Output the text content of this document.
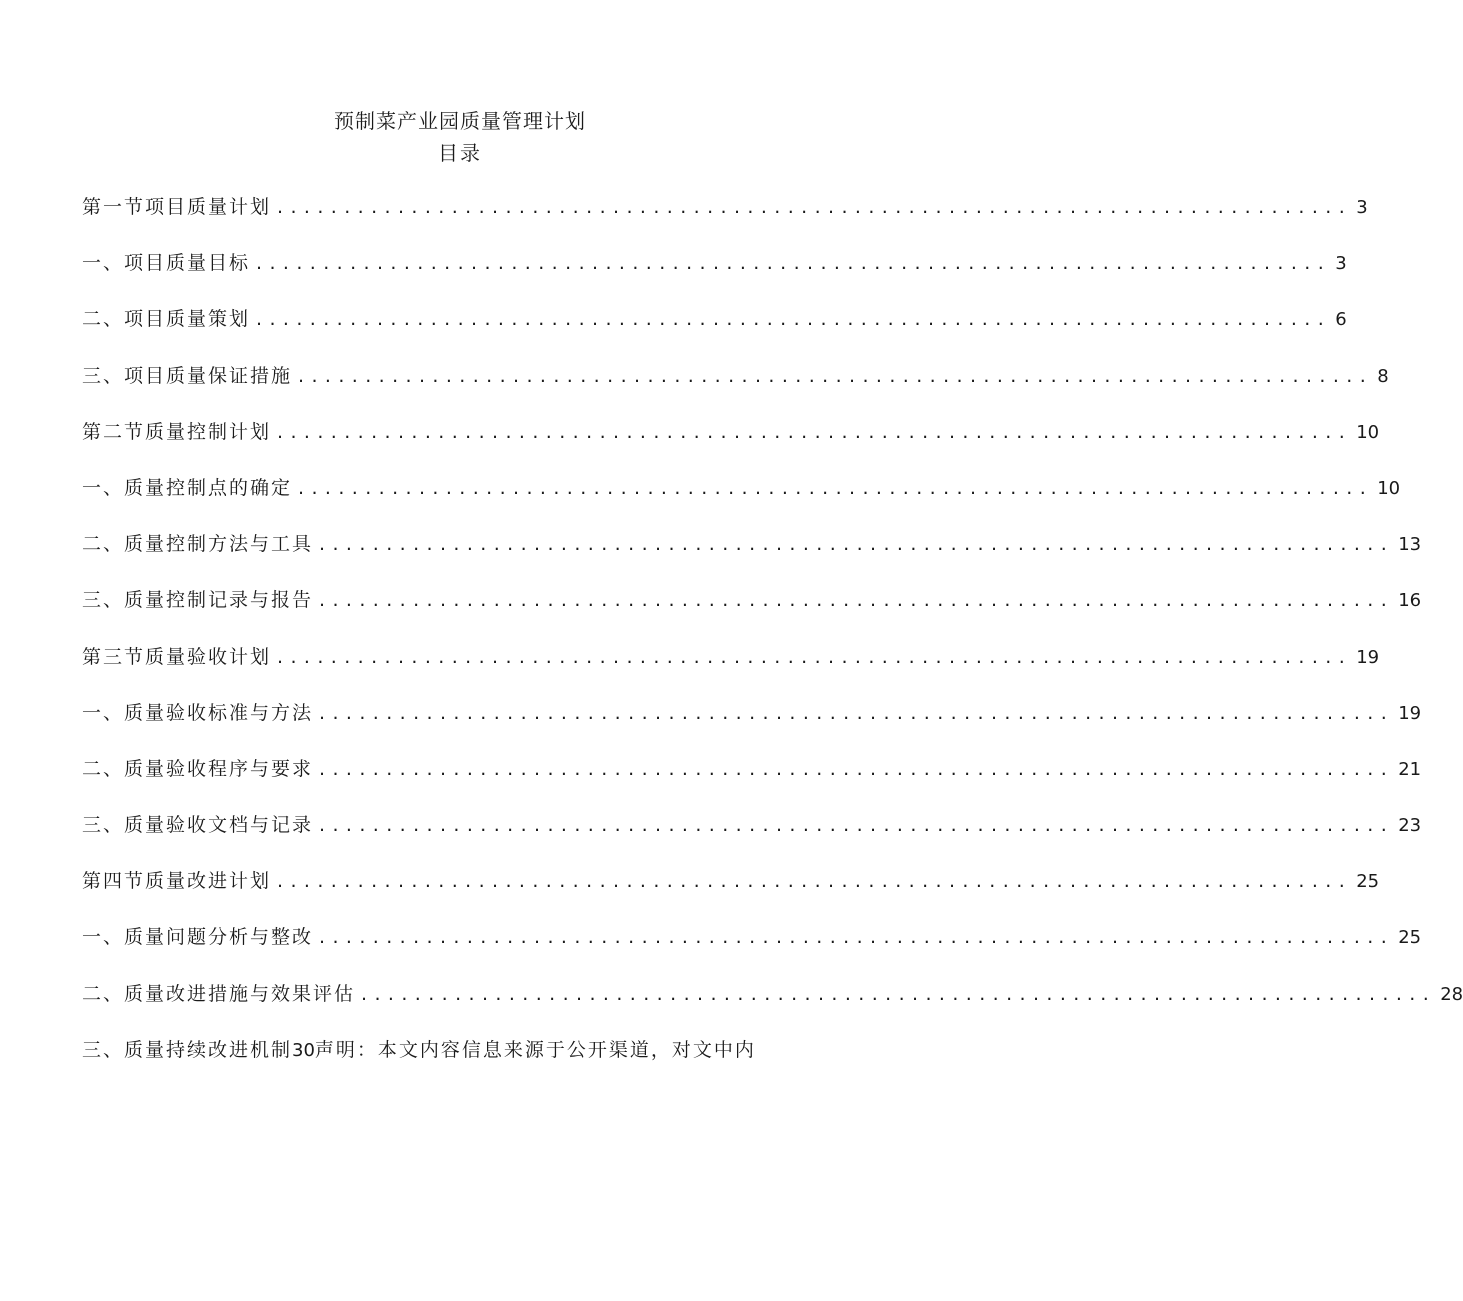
预制菜产业园质量管理计划
目录
第一节项目质量计划 ................................................................................ 3
一、项目质量目标 ................................................................................ 3
二、项目质量策划 ................................................................................ 6
三、项目质量保证措施 ................................................................................ 8
第二节质量控制计划 ................................................................................ 10
一、质量控制点的确定 ................................................................................ 10
二、质量控制方法与工具 ................................................................................ 13
三、质量控制记录与报告 ................................................................................ 16
第三节质量验收计划 ................................................................................ 19
一、质量验收标准与方法 ................................................................................ 19
二、质量验收程序与要求 ................................................................................ 21
三、质量验收文档与记录 ................................................................................ 23
第四节质量改进计划 ................................................................................ 25
一、质量问题分析与整改 ................................................................................ 25
二、质量改进措施与效果评估 ................................................................................ 28
三、质量持续改进机制 30 声明：本文内容信息来源于公开渠道，对文中内
